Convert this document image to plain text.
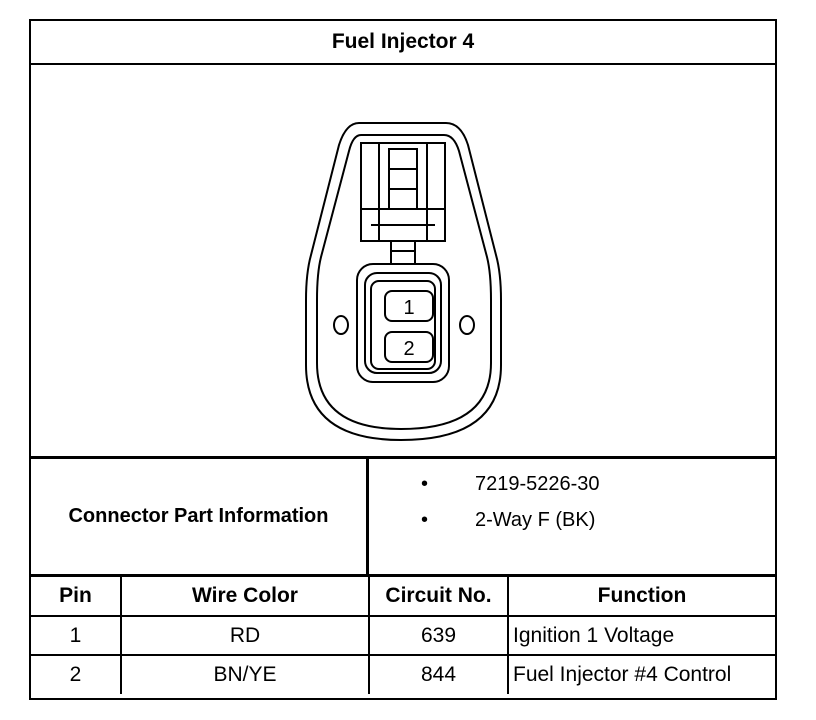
Fuel Injector 4
1
2
Connector Part Information
• 7219-5226-30
• 2-Way F (BK)
Pin	Wire Color	Circuit No.	Function
1	RD	639	Ignition 1 Voltage
2	BN/YE	844	Fuel Injector #4 Control
